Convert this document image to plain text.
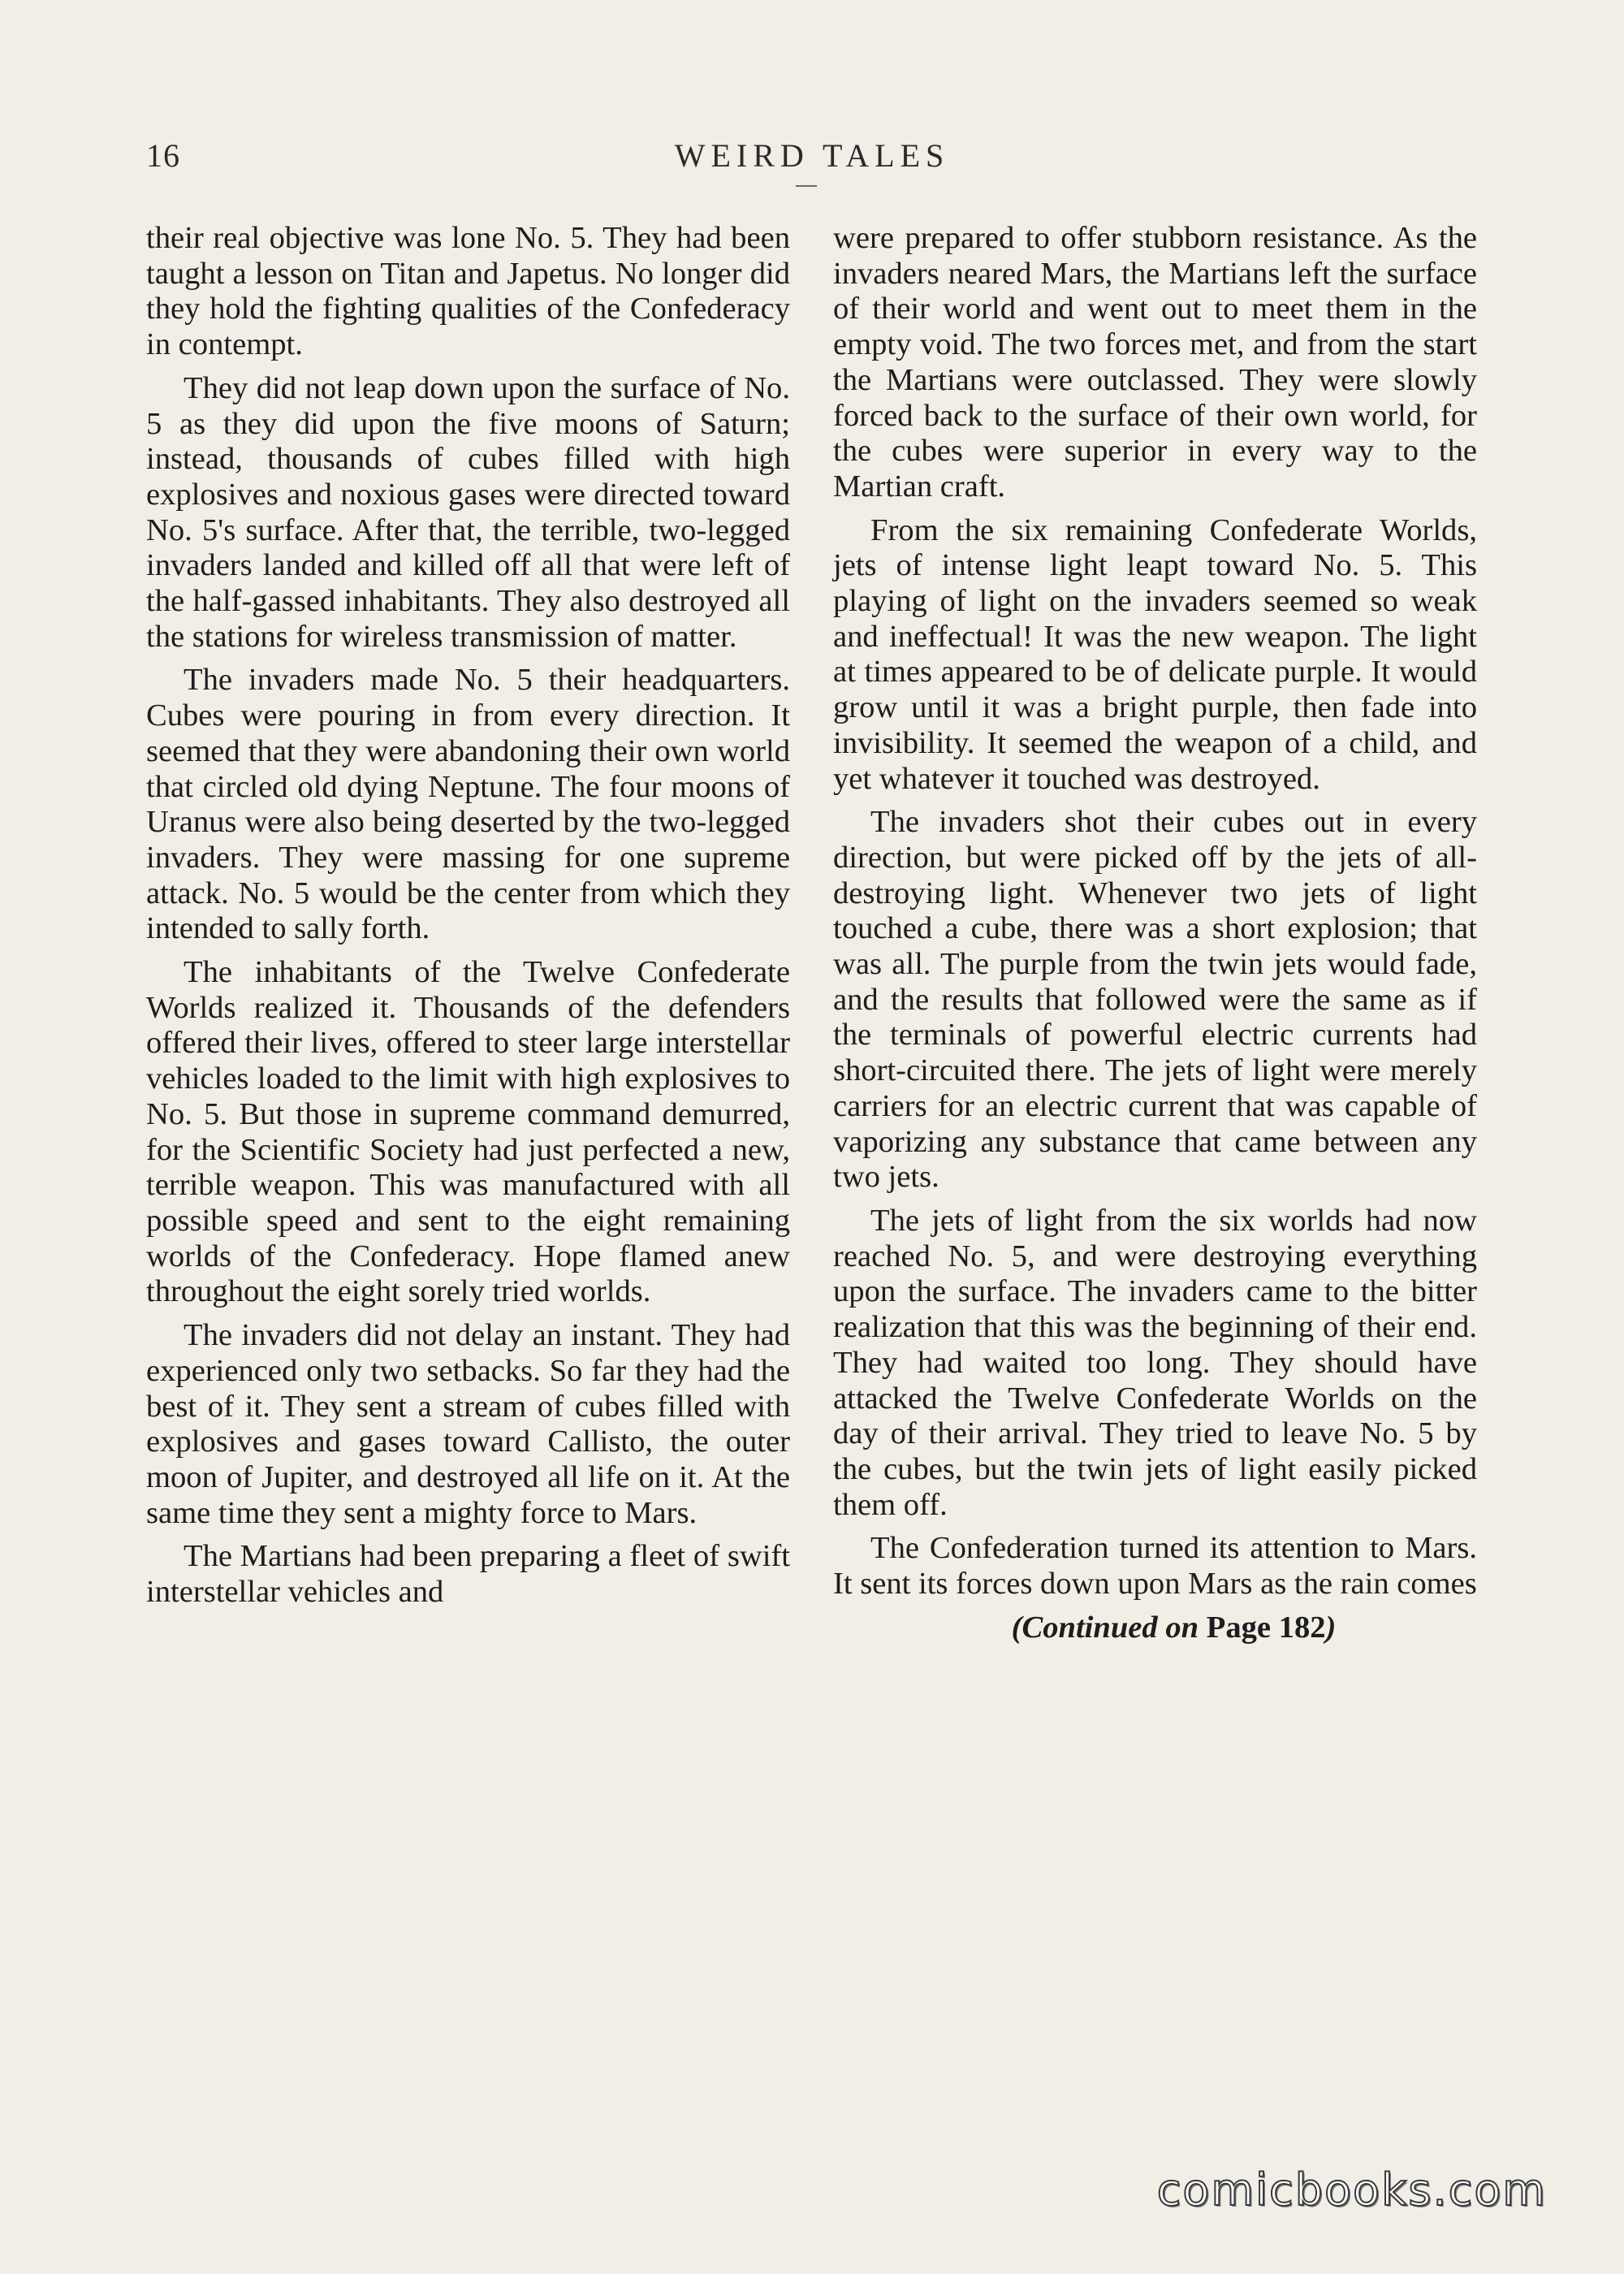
16	WEIRD TALES

their real objective was lone No. 5. They had been taught a lesson on Titan and Japetus. No longer did they hold the fighting qualities of the Confederacy in contempt.

They did not leap down upon the surface of No. 5 as they did upon the five moons of Saturn; instead, thousands of cubes filled with high explosives and noxious gases were directed toward No. 5's surface. After that, the terrible, two-legged invaders landed and killed off all that were left of the half-gassed inhabitants. They also destroyed all the stations for wireless transmission of matter.

The invaders made No. 5 their headquarters. Cubes were pouring in from every direction. It seemed that they were abandoning their own world that circled old dying Neptune. The four moons of Uranus were also being deserted by the two-legged invaders. They were massing for one supreme attack. No. 5 would be the center from which they intended to sally forth.

The inhabitants of the Twelve Confederate Worlds realized it. Thousands of the defenders offered their lives, offered to steer large interstellar vehicles loaded to the limit with high explosives to No. 5. But those in supreme command demurred, for the Scientific Society had just perfected a new, terrible weapon. This was manufactured with all possible speed and sent to the eight remaining worlds of the Confederacy. Hope flamed anew throughout the eight sorely tried worlds.

The invaders did not delay an instant. They had experienced only two setbacks. So far they had the best of it. They sent a stream of cubes filled with explosives and gases toward Callisto, the outer moon of Jupiter, and destroyed all life on it. At the same time they sent a mighty force to Mars.

The Martians had been preparing a fleet of swift interstellar vehicles and

were prepared to offer stubborn resistance. As the invaders neared Mars, the Martians left the surface of their world and went out to meet them in the empty void. The two forces met, and from the start the Martians were outclassed. They were slowly forced back to the surface of their own world, for the cubes were superior in every way to the Martian craft.

From the six remaining Confederate Worlds, jets of intense light leapt toward No. 5. This playing of light on the invaders seemed so weak and ineffectual! It was the new weapon. The light at times appeared to be of delicate purple. It would grow until it was a bright purple, then fade into invisibility. It seemed the weapon of a child, and yet whatever it touched was destroyed.

The invaders shot their cubes out in every direction, but were picked off by the jets of all-destroying light. Whenever two jets of light touched a cube, there was a short explosion; that was all. The purple from the twin jets would fade, and the results that followed were the same as if the terminals of powerful electric currents had short-circuited there. The jets of light were merely carriers for an electric current that was capable of vaporizing any substance that came between any two jets.

The jets of light from the six worlds had now reached No. 5, and were destroying everything upon the surface. The invaders came to the bitter realization that this was the beginning of their end. They had waited too long. They should have attacked the Twelve Confederate Worlds on the day of their arrival. They tried to leave No. 5 by the cubes, but the twin jets of light easily picked them off.

The Confederation turned its attention to Mars. It sent its forces down upon Mars as the rain comes

(Continued on Page 182)

comicbooks.com
